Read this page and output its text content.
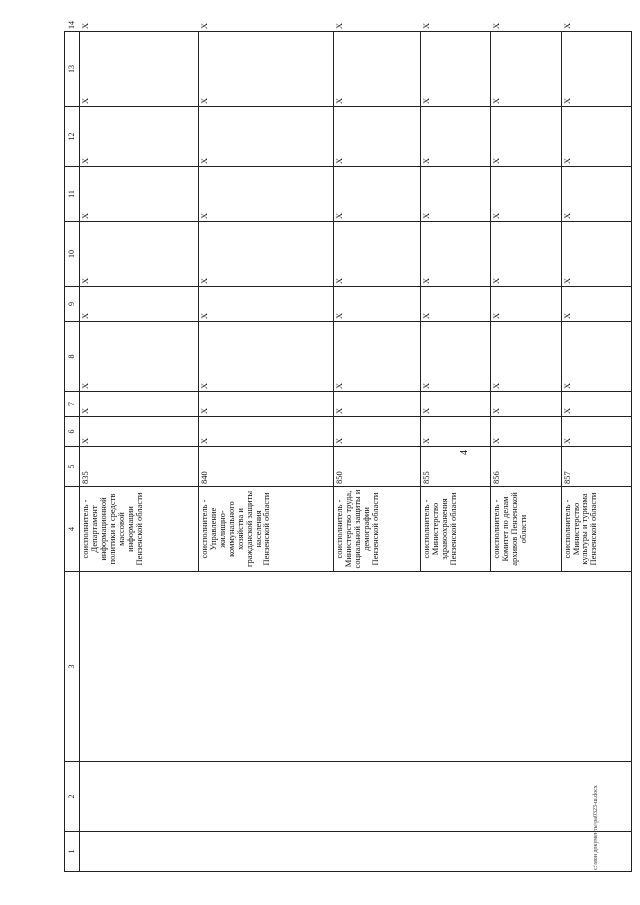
4
1	2	3	4	5	6	7	8	9	10	11	12	13	14
			соисполнитель - Департамент информационной политики и средств массовой информации Пензенской области	835	X	X	X	X	X	X	X	X	X
			соисполнитель - Управление жилищно-коммунального хозяйства и гражданской защиты населения Пензенской области	840	X	X	X	X	X	X	X	X	X
			соисполнитель - Министерство труда, социальной защиты и демографии Пензенской области	850	X	X	X	X	X	X	X	X	X
			соисполнитель - Министерство здравоохранения Пензенской области	855	X	X	X	X	X	X	X	X	X
			соисполнитель - Комитет по делам архивов Пензенской области	856	X	X	X	X	X	X	X	X	X
			соисполнитель - Министерство культуры и туризма Пензенской области	857	X	X	X	X	X	X	X	X	X
c:\мои документы\ра0323-ш.docx
